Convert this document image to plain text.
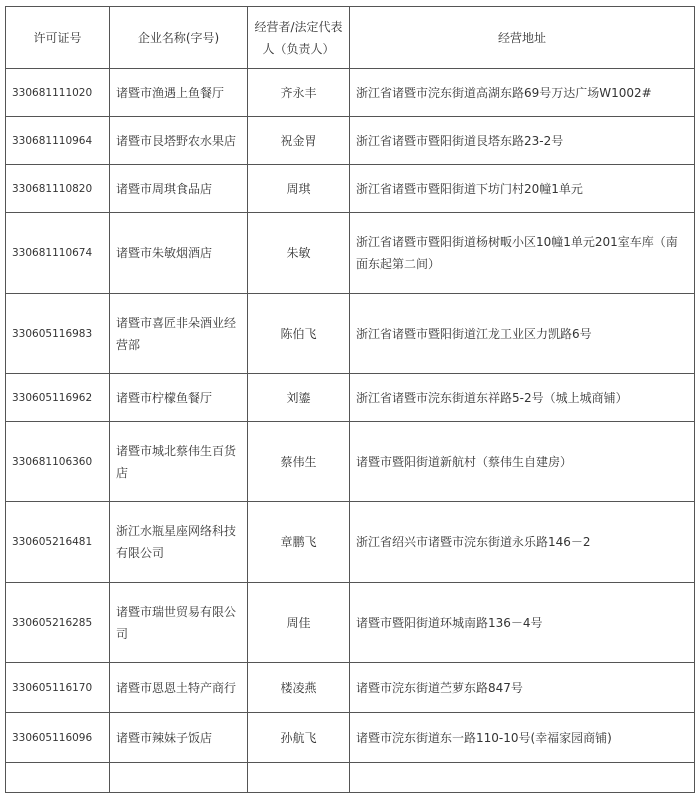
许可证号	企业名称(字号)	经营者/法定代表人（负责人）	经营地址
330681111020	诸暨市渔遇上鱼餐厅	齐永丰	浙江省诸暨市浣东街道高湖东路69号万达广场W1002#
330681110964	诸暨市艮塔野农水果店	祝金胃	浙江省诸暨市暨阳街道艮塔东路23-2号
330681110820	诸暨市周琪食品店	周琪	浙江省诸暨市暨阳街道下坊门村20幢1单元
330681110674	诸暨市朱敏烟酒店	朱敏	浙江省诸暨市暨阳街道杨树畈小区10幢1单元201室车库（南面东起第二间）
330605116983	诸暨市喜匠非朵酒业经营部	陈伯飞	浙江省诸暨市暨阳街道江龙工业区力凯路6号
330605116962	诸暨市柠檬鱼餐厅	刘鎏	浙江省诸暨市浣东街道东祥路5-2号（城上城商铺）
330681106360	诸暨市城北蔡伟生百货店	蔡伟生	诸暨市暨阳街道新航村（蔡伟生自建房）
330605216481	浙江水瓶星座网络科技有限公司	章鹏飞	浙江省绍兴市诸暨市浣东街道永乐路146－2
330605216285	诸暨市瑞世贸易有限公司	周佳	诸暨市暨阳街道环城南路136－4号
330605116170	诸暨市恩恩土特产商行	楼凌燕	诸暨市浣东街道苎萝东路847号
330605116096	诸暨市辣妹子饭店	孙航飞	诸暨市浣东街道东一路110-10号(幸福家园商铺)
